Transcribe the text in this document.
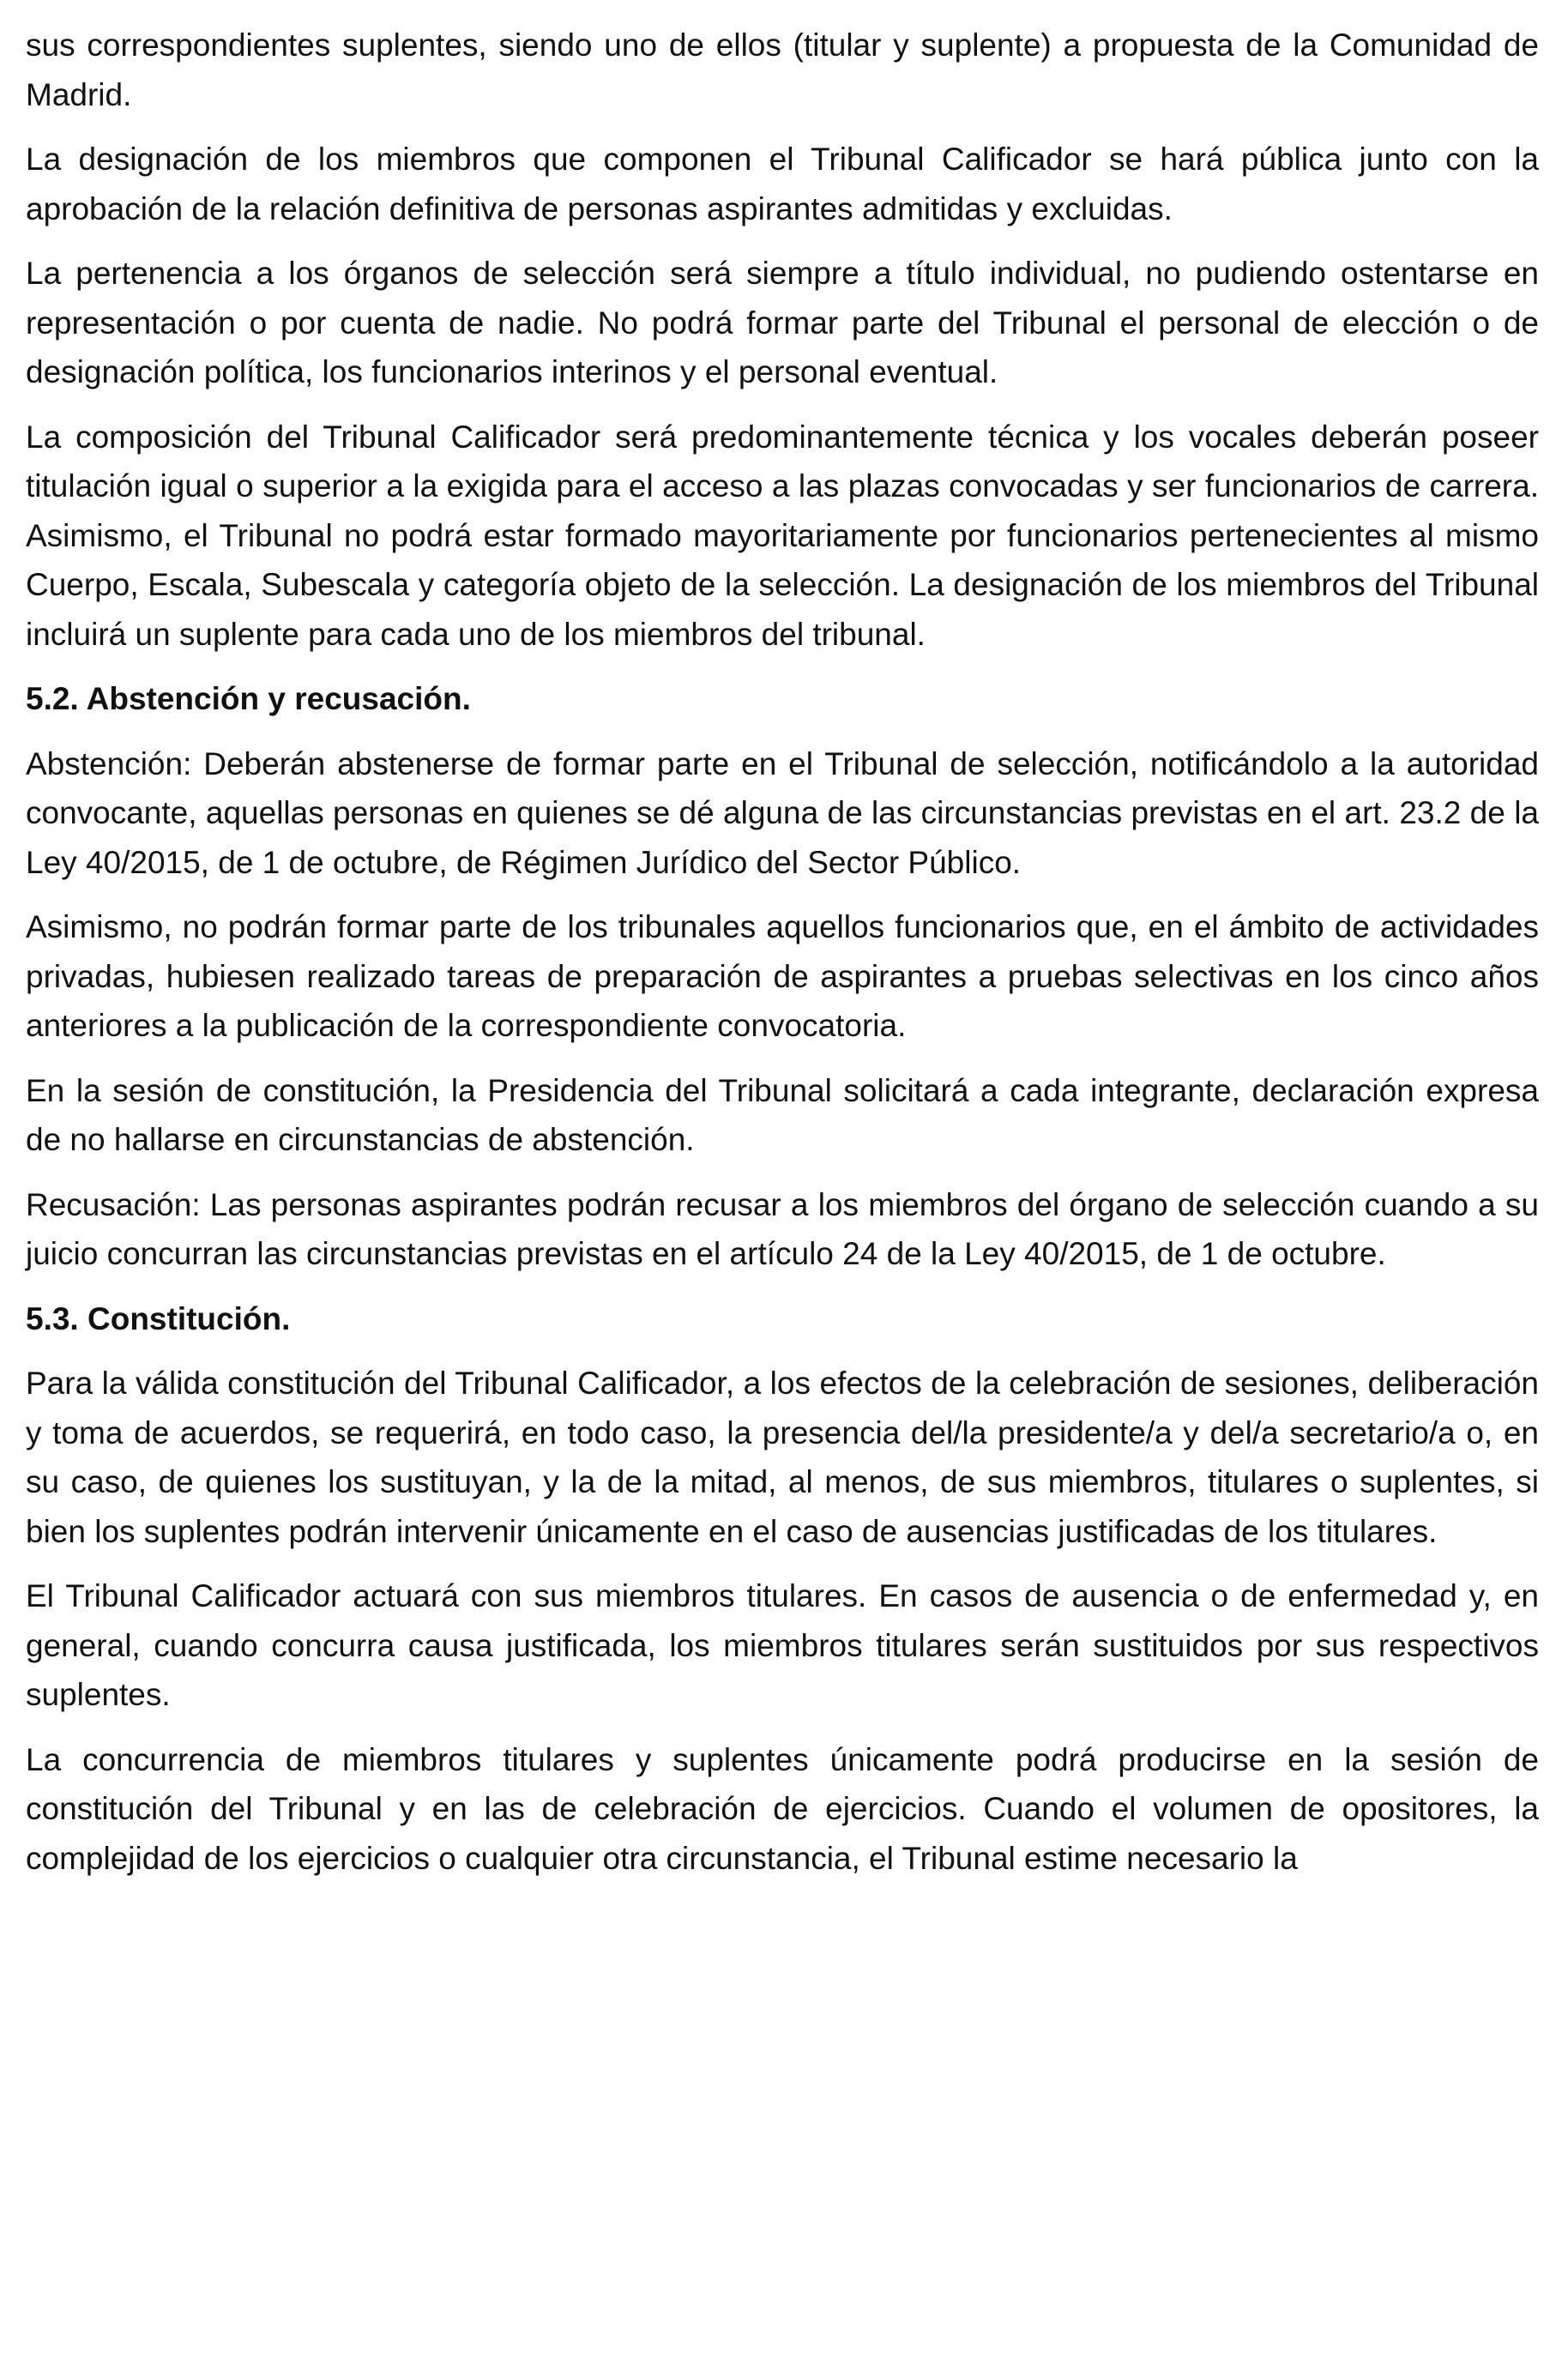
sus correspondientes suplentes, siendo uno de ellos (titular y suplente) a propuesta de la Comunidad de Madrid.

La designación de los miembros que componen el Tribunal Calificador se hará pública junto con la aprobación de la relación definitiva de personas aspirantes admitidas y excluidas.

La pertenencia a los órganos de selección será siempre a título individual, no pudiendo ostentarse en representación o por cuenta de nadie. No podrá formar parte del Tribunal el personal de elección o de designación política, los funcionarios interinos y el personal eventual.

La composición del Tribunal Calificador será predominantemente técnica y los vocales deberán poseer titulación igual o superior a la exigida para el acceso a las plazas convocadas y ser funcionarios de carrera. Asimismo, el Tribunal no podrá estar formado mayoritariamente por funcionarios pertenecientes al mismo Cuerpo, Escala, Subescala y categoría objeto de la selección. La designación de los miembros del Tribunal incluirá un suplente para cada uno de los miembros del tribunal.

5.2. Abstención y recusación.

Abstención: Deberán abstenerse de formar parte en el Tribunal de selección, notificándolo a la autoridad convocante, aquellas personas en quienes se dé alguna de las circunstancias previstas en el art. 23.2 de la Ley 40/2015, de 1 de octubre, de Régimen Jurídico del Sector Público.

Asimismo, no podrán formar parte de los tribunales aquellos funcionarios que, en el ámbito de actividades privadas, hubiesen realizado tareas de preparación de aspirantes a pruebas selectivas en los cinco años anteriores a la publicación de la correspondiente convocatoria.

En la sesión de constitución, la Presidencia del Tribunal solicitará a cada integrante, declaración expresa de no hallarse en circunstancias de abstención.

Recusación: Las personas aspirantes podrán recusar a los miembros del órgano de selección cuando a su juicio concurran las circunstancias previstas en el artículo 24 de la Ley 40/2015, de 1 de octubre.

5.3. Constitución.

Para la válida constitución del Tribunal Calificador, a los efectos de la celebración de sesiones, deliberación y toma de acuerdos, se requerirá, en todo caso, la presencia del/la presidente/a y del/a secretario/a o, en su caso, de quienes los sustituyan, y la de la mitad, al menos, de sus miembros, titulares o suplentes, si bien los suplentes podrán intervenir únicamente en el caso de ausencias justificadas de los titulares.

El Tribunal Calificador actuará con sus miembros titulares. En casos de ausencia o de enfermedad y, en general, cuando concurra causa justificada, los miembros titulares serán sustituidos por sus respectivos suplentes.

La concurrencia de miembros titulares y suplentes únicamente podrá producirse en la sesión de constitución del Tribunal y en las de celebración de ejercicios. Cuando el volumen de opositores, la complejidad de los ejercicios o cualquier otra circunstancia, el Tribunal estime necesario la
